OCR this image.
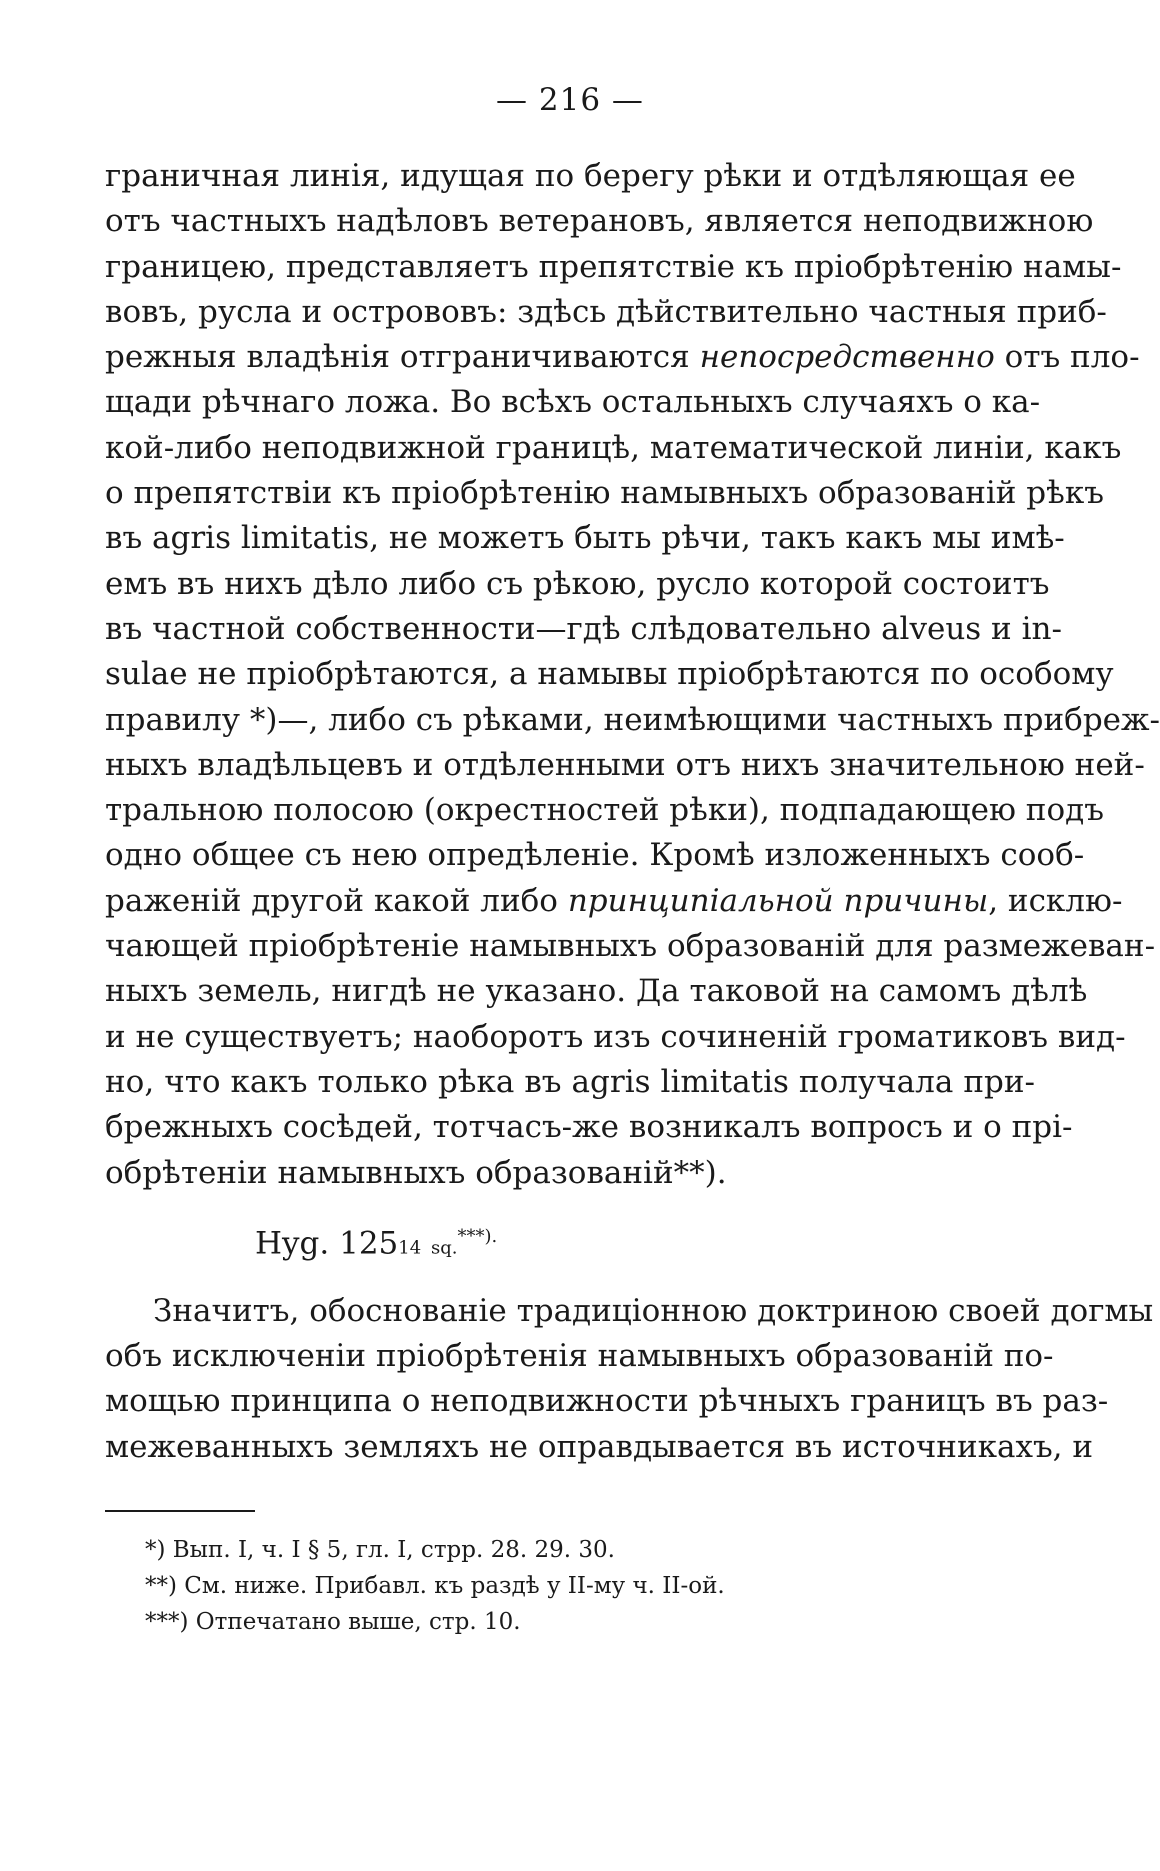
— 216 —
граничная линія, идущая по берегу рѣки и отдѣляющая ее
отъ частныхъ надѣловъ ветерановъ, является неподвижною
границею, представляетъ препятствіе къ пріобрѣтенію намы-
вовъ, русла и острововъ: здѣсь дѣйствительно частныя приб-
режныя владѣнія отграничиваются непосредственно отъ пло-
щади рѣчнаго ложа. Во всѣхъ остальныхъ случаяхъ о ка-
кой-либо неподвижной границѣ, математической линіи, какъ
о препятствіи къ пріобрѣтенію намывныхъ образованій рѣкъ
въ agris limitatis, не можетъ быть рѣчи, такъ какъ мы имѣ-
емъ въ нихъ дѣло либо съ рѣкою, русло которой состоитъ
въ частной собственности—гдѣ слѣдовательно alveus и in-
sulae не пріобрѣтаются, а намывы пріобрѣтаются по особому
правилу *)—, либо съ рѣками, неимѣющими частныхъ прибреж-
ныхъ владѣльцевъ и отдѣленными отъ нихъ значительною ней-
тральною полосою (окрестностей рѣки), подпадающею подъ
одно общее съ нею опредѣленіе. Кромѣ изложенныхъ сооб-
раженій другой какой либо принципіальной причины, исклю-
чающей пріобрѣтеніе намывныхъ образованій для размежеван-
ныхъ земель, нигдѣ не указано. Да таковой на самомъ дѣлѣ
и не существуетъ; наоборотъ изъ сочиненій громатиковъ вид-
но, что какъ только рѣка въ agris limitatis получала при-
брежныхъ сосѣдей, тотчасъ-же возникалъ вопросъ и о прі-
обрѣтеніи намывныхъ образованій**).
Hyg. 12514 sq.***).
Значитъ, обоснованіе традиціонною доктриною своей догмы
объ исключеніи пріобрѣтенія намывныхъ образованій по-
мощью принципа о неподвижности рѣчныхъ границъ въ раз-
межеванныхъ земляхъ не оправдывается въ источникахъ, и
*) Вып. I, ч. I § 5, гл. I, стрр. 28. 29. 30.
**) См. ниже. Прибавл. къ раздѣ у II-му ч. II-ой.
***) Отпечатано выше, стр. 10.
